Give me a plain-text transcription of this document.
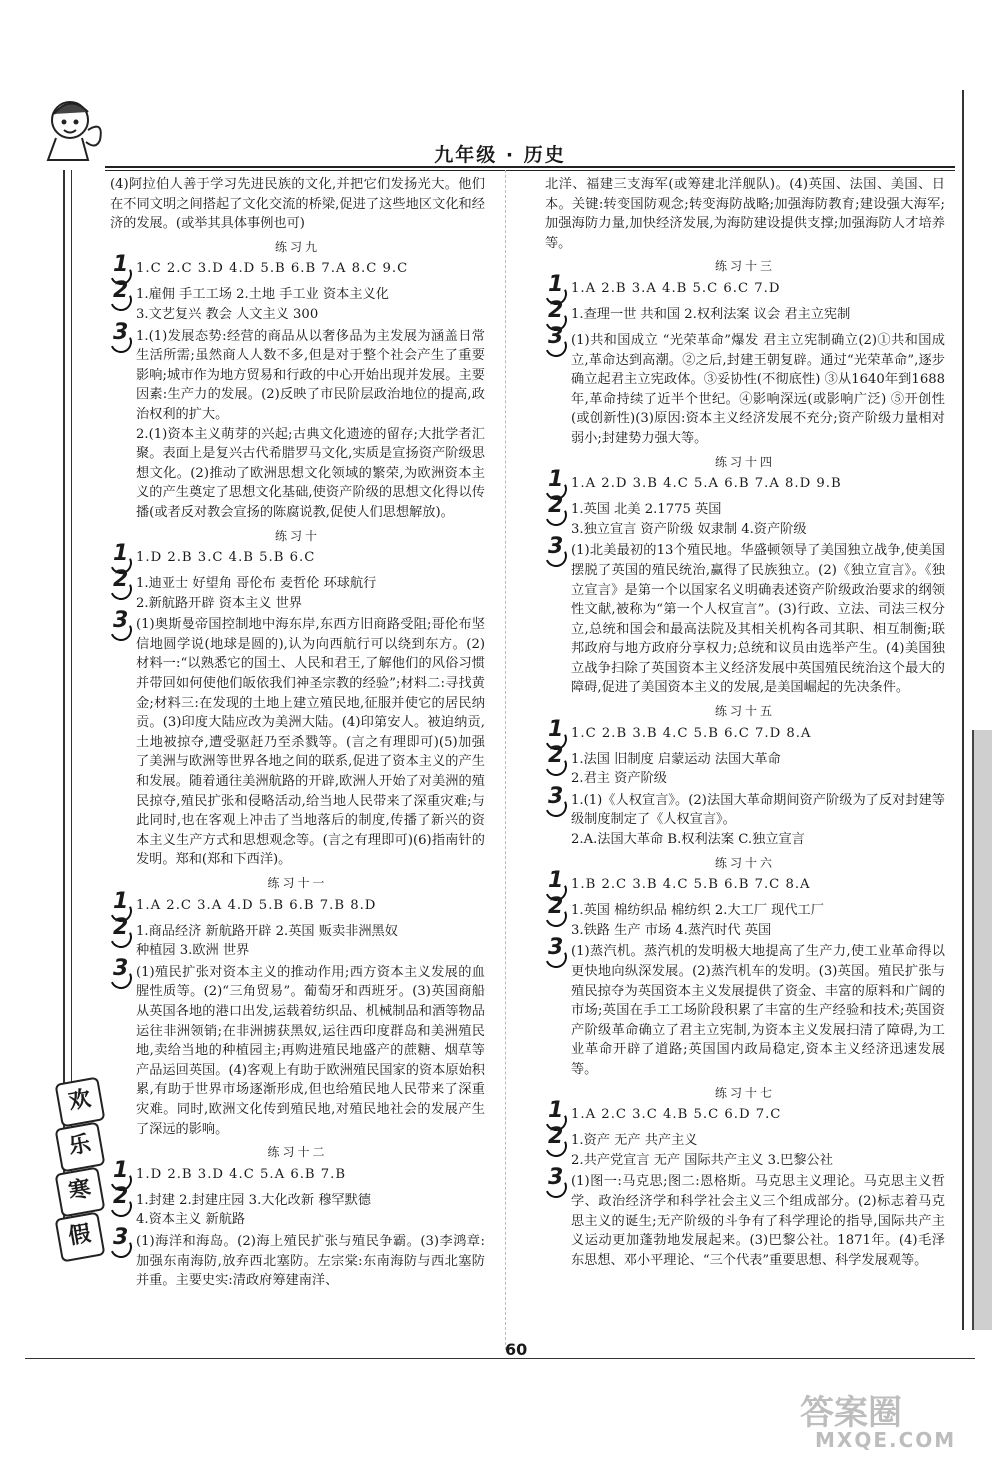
九年级 · 历史
欢
乐
寒
假

(4)阿拉伯人善于学习先进民族的文化,并把它们发扬光大。他们在不同文明之间搭起了文化交流的桥梁,促进了这些地区文化和经济的发展。(或举其具体事例也可)

练习九
1 1.C 2.C 3.D 4.D 5.B 6.B 7.A 8.C 9.C
2 1.雇佣 手工工场 2.土地 手工业 资本主义化

3.文艺复兴 教会 人文主义 300

3 1.(1)发展态势:经营的商品从以奢侈品为主发展为涵盖日常生活所需;虽然商人人数不多,但是对于整个社会产生了重要影响;城市作为地方贸易和行政的中心开始出现并发展。主要因素:生产力的发展。(2)反映了市民阶层政治地位的提高,政治权利的扩大。

2.(1)资本主义萌芽的兴起;古典文化遗迹的留存;大批学者汇聚。表面上是复兴古代希腊罗马文化,实质是宣扬资产阶级思想文化。(2)推动了欧洲思想文化领域的繁荣,为欧洲资本主义的产生奠定了思想文化基础,使资产阶级的思想文化得以传播(或者反对教会宣扬的陈腐说教,促使人们思想解放)。

练习十
1 1.D 2.B 3.C 4.B 5.B 6.C
2 1.迪亚士 好望角 哥伦布 麦哲伦 环球航行

2.新航路开辟 资本主义 世界

3 (1)奥斯曼帝国控制地中海东岸,东西方旧商路受阻;哥伦布坚信地圆学说(地球是圆的),认为向西航行可以绕到东方。(2)材料一:“以熟悉它的国土、人民和君王,了解他们的风俗习惯并带回如何使他们皈依我们神圣宗教的经验”;材料二:寻找黄金;材料三:在发现的土地上建立殖民地,征服并使它的居民纳贡。(3)印度大陆应改为美洲大陆。(4)印第安人。被迫纳贡,土地被掠夺,遭受驱赶乃至杀戮等。(言之有理即可)(5)加强了美洲与欧洲等世界各地之间的联系,促进了资本主义的产生和发展。随着通往美洲航路的开辟,欧洲人开始了对美洲的殖民掠夺,殖民扩张和侵略活动,给当地人民带来了深重灾难;与此同时,也在客观上冲击了当地落后的制度,传播了新兴的资本主义生产方式和思想观念等。(言之有理即可)(6)指南针的发明。郑和(郑和下西洋)。
练习十一
1 1.A 2.C 3.A 4.D 5.B 6.B 7.B 8.D
2 1.商品经济 新航路开辟 2.英国 贩卖非洲黑奴

种植园 3.欧洲 世界

3 (1)殖民扩张对资本主义的推动作用;西方资本主义发展的血腥性质等。(2)“三角贸易”。葡萄牙和西班牙。(3)英国商船从英国各地的港口出发,运载着纺织品、机械制品和酒等物品运往非洲领销;在非洲掳获黑奴,运往西印度群岛和美洲殖民地,卖给当地的种植园主;再购进殖民地盛产的蔗糖、烟草等产品运回英国。(4)客观上有助于欧洲殖民国家的资本原始积累,有助于世界市场逐渐形成,但也给殖民地人民带来了深重灾难。同时,欧洲文化传到殖民地,对殖民地社会的发展产生了深远的影响。
练习十二
1 1.D 2.B 3.D 4.C 5.A 6.B 7.B
2 1.封建 2.封建庄园 3.大化改新 穆罕默德

4.资本主义 新航路

3 (1)海洋和海岛。(2)海上殖民扩张与殖民争霸。(3)李鸿章:加强东南海防,放弃西北塞防。左宗棠:东南海防与西北塞防并重。主要史实:清政府筹建南洋、

北洋、福建三支海军(或筹建北洋舰队)。(4)英国、法国、美国、日本。关键:转变国防观念;转变海防战略;加强海防教育;建设强大海军;加强海防力量,加快经济发展,为海防建设提供支撑;加强海防人才培养等。

练习十三
1 1.A 2.B 3.A 4.B 5.C 6.C 7.D
2 1.查理一世 共和国 2.权利法案 议会 君主立宪制
3 (1)共和国成立 “光荣革命”爆发 君主立宪制确立(2)①共和国成立,革命达到高潮。②之后,封建王朝复辟。通过“光荣革命”,逐步确立起君主立宪政体。③妥协性(不彻底性) ③从1640年到1688年,革命持续了近半个世纪。④影响深远(或影响广泛) ⑤开创性(或创新性)(3)原因:资本主义经济发展不充分;资产阶级力量相对弱小;封建势力强大等。
练习十四
1 1.A 2.D 3.B 4.C 5.A 6.B 7.A 8.D 9.B
2 1.英国 北美 2.1775 英国

3.独立宣言 资产阶级 奴隶制 4.资产阶级

3 (1)北美最初的13个殖民地。华盛顿领导了美国独立战争,使美国摆脱了英国的殖民统治,赢得了民族独立。(2)《独立宣言》。《独立宣言》是第一个以国家名义明确表述资产阶级政治要求的纲领性文献,被称为“第一个人权宣言”。(3)行政、立法、司法三权分立,总统和国会和最高法院及其相关机构各司其职、相互制衡;联邦政府与地方政府分享权力;总统和议员由选举产生。(4)美国独立战争扫除了英国资本主义经济发展中英国殖民统治这个最大的障碍,促进了美国资本主义的发展,是美国崛起的先决条件。
练习十五
1 1.C 2.B 3.B 4.C 5.B 6.C 7.D 8.A
2 1.法国 旧制度 启蒙运动 法国大革命

2.君主 资产阶级

3 1.(1)《人权宣言》。(2)法国大革命期间资产阶级为了反对封建等级制度制定了《人权宣言》。

2.A.法国大革命 B.权利法案 C.独立宣言

练习十六
1 1.B 2.C 3.B 4.C 5.B 6.B 7.C 8.A
2 1.英国 棉纺织品 棉纺织 2.大工厂 现代工厂

3.铁路 生产 市场 4.蒸汽时代 英国

3 (1)蒸汽机。蒸汽机的发明极大地提高了生产力,使工业革命得以更快地向纵深发展。(2)蒸汽机车的发明。(3)英国。殖民扩张与殖民掠夺为英国资本主义发展提供了资金、丰富的原料和广阔的市场;英国在手工工场阶段积累了丰富的生产经验和技术;英国资产阶级革命确立了君主立宪制,为资本主义发展扫清了障碍,为工业革命开辟了道路;英国国内政局稳定,资本主义经济迅速发展等。
练习十七
1 1.A 2.C 3.C 4.B 5.C 6.D 7.C
2 1.资产 无产 共产主义

2.共产党宣言 无产 国际共产主义 3.巴黎公社

3 (1)图一:马克思;图二:恩格斯。马克思主义理论。马克思主义哲学、政治经济学和科学社会主义三个组成部分。(2)标志着马克思主义的诞生;无产阶级的斗争有了科学理论的指导,国际共产主义运动更加蓬勃地发展起来。(3)巴黎公社。1871年。(4)毛泽东思想、邓小平理论、“三个代表”重要思想、科学发展观等。
60
答案圈
MXQE.COM
